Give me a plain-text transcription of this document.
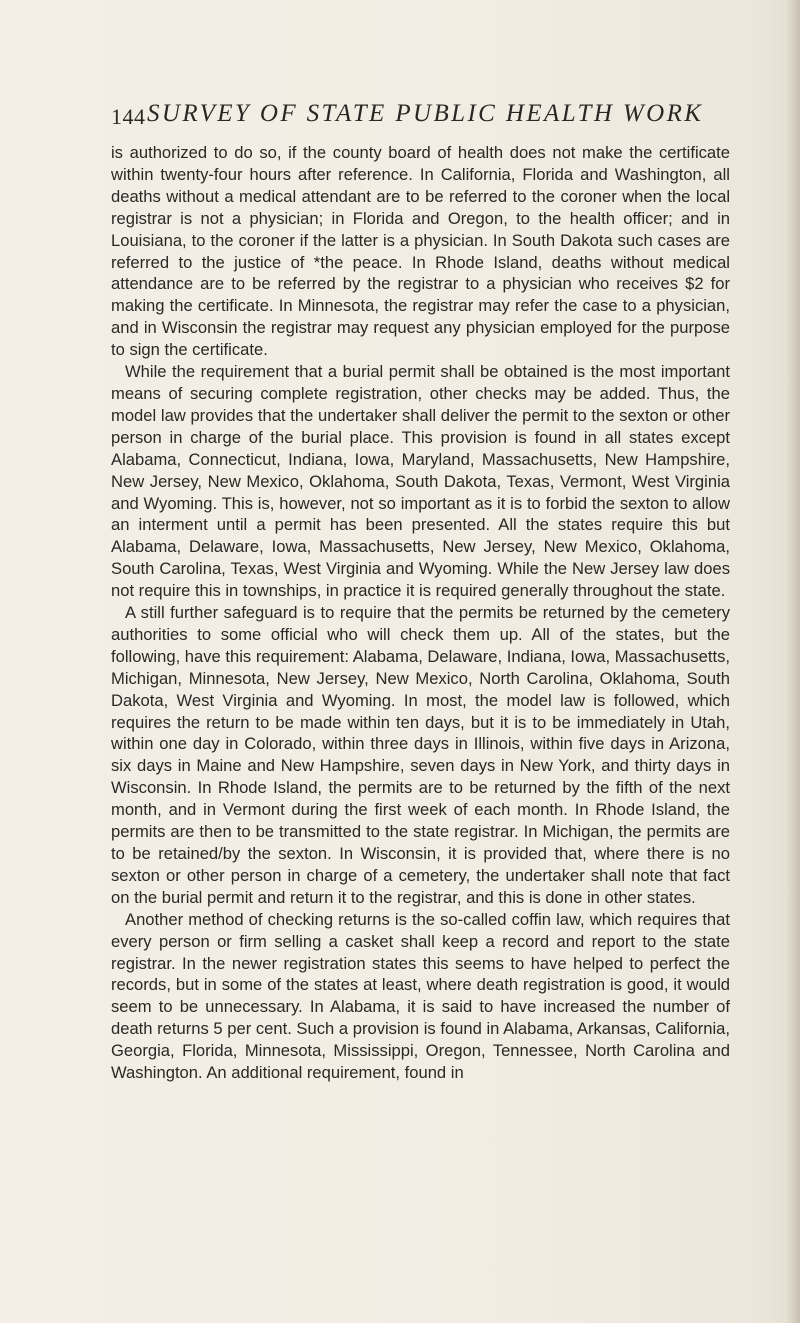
144 SURVEY OF STATE PUBLIC HEALTH WORK

is authorized to do so, if the county board of health does not make the certificate within twenty-four hours after reference. In California, Florida and Washington, all deaths without a medical attendant are to be referred to the coroner when the local registrar is not a physician; in Florida and Oregon, to the health officer; and in Louisiana, to the coroner if the latter is a physician. In South Dakota such cases are referred to the justice of *the peace. In Rhode Island, deaths without medical attendance are to be referred by the registrar to a physician who receives $2 for making the certificate. In Minnesota, the registrar may refer the case to a physician, and in Wisconsin the registrar may request any physician employed for the purpose to sign the certificate.

While the requirement that a burial permit shall be obtained is the most important means of securing complete registration, other checks may be added. Thus, the model law provides that the undertaker shall deliver the permit to the sexton or other person in charge of the burial place. This provision is found in all states except Alabama, Connecticut, Indiana, Iowa, Maryland, Massachusetts, New Hampshire, New Jersey, New Mexico, Oklahoma, South Dakota, Texas, Vermont, West Virginia and Wyoming. This is, however, not so important as it is to forbid the sexton to allow an interment until a permit has been presented. All the states require this but Alabama, Delaware, Iowa, Massachusetts, New Jersey, New Mexico, Oklahoma, South Carolina, Texas, West Virginia and Wyoming. While the New Jersey law does not require this in townships, in practice it is required generally throughout the state.

A still further safeguard is to require that the permits be returned by the cemetery authorities to some official who will check them up. All of the states, but the following, have this requirement: Alabama, Delaware, Indiana, Iowa, Massachusetts, Michigan, Minnesota, New Jersey, New Mexico, North Carolina, Oklahoma, South Dakota, West Virginia and Wyoming. In most, the model law is followed, which requires the return to be made within ten days, but it is to be immediately in Utah, within one day in Colorado, within three days in Illinois, within five days in Arizona, six days in Maine and New Hampshire, seven days in New York, and thirty days in Wisconsin. In Rhode Island, the permits are to be returned by the fifth of the next month, and in Vermont during the first week of each month. In Rhode Island, the permits are then to be transmitted to the state registrar. In Michigan, the permits are to be retained/by the sexton. In Wisconsin, it is provided that, where there is no sexton or other person in charge of a cemetery, the undertaker shall note that fact on the burial permit and return it to the registrar, and this is done in other states.

Another method of checking returns is the so-called coffin law, which requires that every person or firm selling a casket shall keep a record and report to the state registrar. In the newer registration states this seems to have helped to perfect the records, but in some of the states at least, where death registration is good, it would seem to be unnecessary. In Alabama, it is said to have increased the number of death returns 5 per cent. Such a provision is found in Alabama, Arkansas, California, Georgia, Florida, Minnesota, Mississippi, Oregon, Tennessee, North Carolina and Washington. An additional requirement, found in
